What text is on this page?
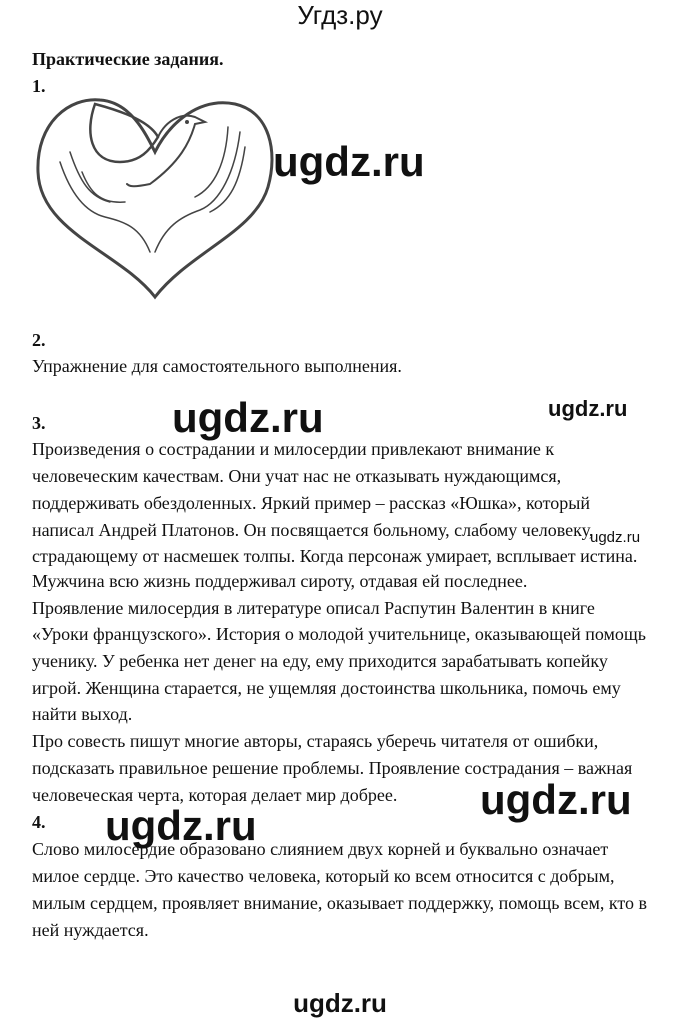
Угдз.ру
Практические задания.
1.
ugdz.ru
2.
Упражнение для самостоятельного выполнения.
3.	ugdz.ru	ugdz.ru
Произведения о сострадании и милосердии привлекают внимание к
человеческим качествам. Они учат нас не отказывать нуждающимся,
поддерживать обездоленных. Яркий пример – рассказ «Юшка», который
написал Андрей Платонов. Он посвящается больному, слабому человеку,
ugdz.ru
страдающему от насмешек толпы. Когда персонаж умирает, всплывает истина.
Мужчина всю жизнь поддерживал сироту, отдавая ей последнее.
Проявление милосердия в литературе описал Распутин Валентин в книге
«Уроки французского». История о молодой учительнице, оказывающей помощь
ученику. У ребенка нет денег на еду, ему приходится зарабатывать копейку
игрой. Женщина старается, не ущемляя достоинства школьника, помочь ему
найти выход.
Про совесть пишут многие авторы, стараясь уберечь читателя от ошибки,
подсказать правильное решение проблемы. Проявление сострадания – важная
человеческая черта, которая делает мир добрее. ugdz.ru
ugdz.ru
4.
Слово милосердие образовано слиянием двух корней и буквально означает
милое сердце. Это качество человека, который ко всем относится с добрым,
милым сердцем, проявляет внимание, оказывает поддержку, помощь всем, кто в
ней нуждается.
ugdz.ru
